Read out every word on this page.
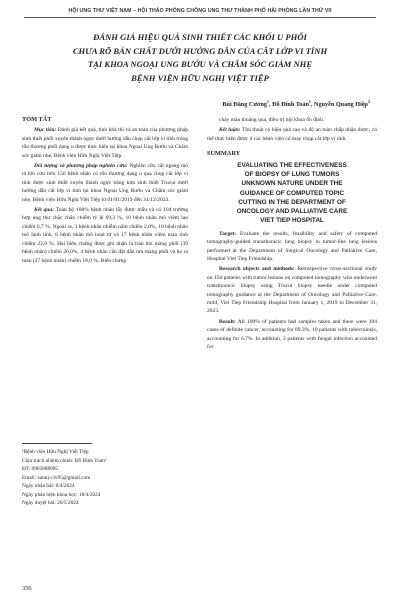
HỘI UNG THƯ VIỆT NAM – HỘI THẢO PHÒNG CHỐNG UNG THƯ THÀNH PHỐ HẢI PHÒNG LẦN THỨ VII
ĐÁNH GIÁ HIỆU QUẢ SINH THIẾT CÁC KHỐI U PHỔI
CHƯA RÕ BẢN CHẤT DƯỚI HƯỚNG DẪN CỦA CẮT LỚP VI TÍNH
TẠI KHOA NGOẠI UNG BƯỚU VÀ CHĂM SÓC GIẢM NHẸ
BỆNH VIỆN HỮU NGHỊ VIỆT TIỆP
Bùi Đăng Cương$^1$, Đỗ Đình Toản$^1$, Nguyễn Quang Hiệp$^2$
TÓM TẮT

Mục tiêu: Đánh giá kết quả, tính khả thi và an toàn của phương pháp sinh thiết phổi xuyên thành ngực dưới hướng dẫn chụp cắt lớp vi tính trong tổn thương phổi dạng u được thực hiện tại khoa Ngoại Ung Bướu và Chăm sóc giảm nhẹ, Bệnh viện Hữu Nghị Việt Tiệp.

Đối tượng và phương pháp nghiên cứu: Nghiên cứu cắt ngang mô tả hồi cứu trên 150 bệnh nhân có tổn thương dạng u qua chụp cắt lớp vi tính được sinh thiết xuyên thành ngực bằng kim sinh thiết Trucut dưới hướng dẫn cắt lớp vi tính tại khoa Ngoại Ung Bướu và Chăm sóc giảm nhẹ, Bệnh viện Hữu Nghị Việt Tiệp từ 01/01/2019 đến 31/12/2023.

Kết quả: Toàn bộ 100% bệnh nhân lấy được mẫu và có 104 trường hợp ung thư chắc chắn chiếm tỷ lệ 69,3 %, 10 bệnh nhân mô viêm lao chiếm 6,7 %. Ngoài ra, 3 bệnh nhân nhiễm nấm chiếm 2,0%, 10 bệnh nhân mô lành tính, 6 bệnh nhân mô hoại tử và 17 bệnh nhân viêm mạn tính chiếm 22,0 %. Hai biến chứng được ghi nhận là tràn khí màng phổi (39 bệnh nhân) chiếm 26,0%, 4 bệnh nhân cần đặt dẫn lưu màng phổi và ho ra máu (27 bệnh nhân) chiếm 18,0 %. Biến chứng

¹Bệnh viện Hữu Nghị Việt Tiệp
Chịu trách nhiệm chính: Đỗ Đình Toản¹
ĐT: 0962888995
Email: sunny.clv95@gmail.com
Ngày nhận bài: 6/4/2024
Ngày phản biện khoa học: 18/4/2024
Ngày duyệt bài: 26/5/2024

chảy máu thoáng qua, điều trị nội khoa ổn định.

Kết luận: Thủ thuật có hiệu quả cao và độ an toàn chấp nhận được, có thể thực hiện được ở các bệnh viện có máy chụp cắt lớp vi tính.

SUMMARY
EVALUATING THE EFFECTIVENESS
OF BIOPSY OF LUNG TUMORS
UNKNOWN NATURE UNDER THE
GUIDANCE OF COMPUTED TOPIC
CUTTING IN THE DEPARTMENT OF
ONCOLOGY AND PALLIATIVE CARE
VIET TIEP HOSPITAL

Target: Evaluate the results, feasibility and safety of computed tomography-guided transthoracic lung biopsy in tumor-like lung lesions performed at the Department of Surgical Oncology and Palliative Care, Hospital Viet Tiep Friendship.

Research objects and methods: Retrospective cross-sectional study on 150 patients with tumor lesions on computed tomography who underwent transthoracic biopsy using Trucut biopsy needle under computed tomography guidance at the Department of Oncology and Palliative Care. mild, Viet Tiep Friendship Hospital from January 1, 2019 to December 31, 2023.

Result: All 100% of patients had samples taken and there were 104 cases of definite cancer, accounting for 69.3%, 10 patients with tuberculosis, accounting for 6.7%. In addition, 3 patients with fungal infection accounted for

356
